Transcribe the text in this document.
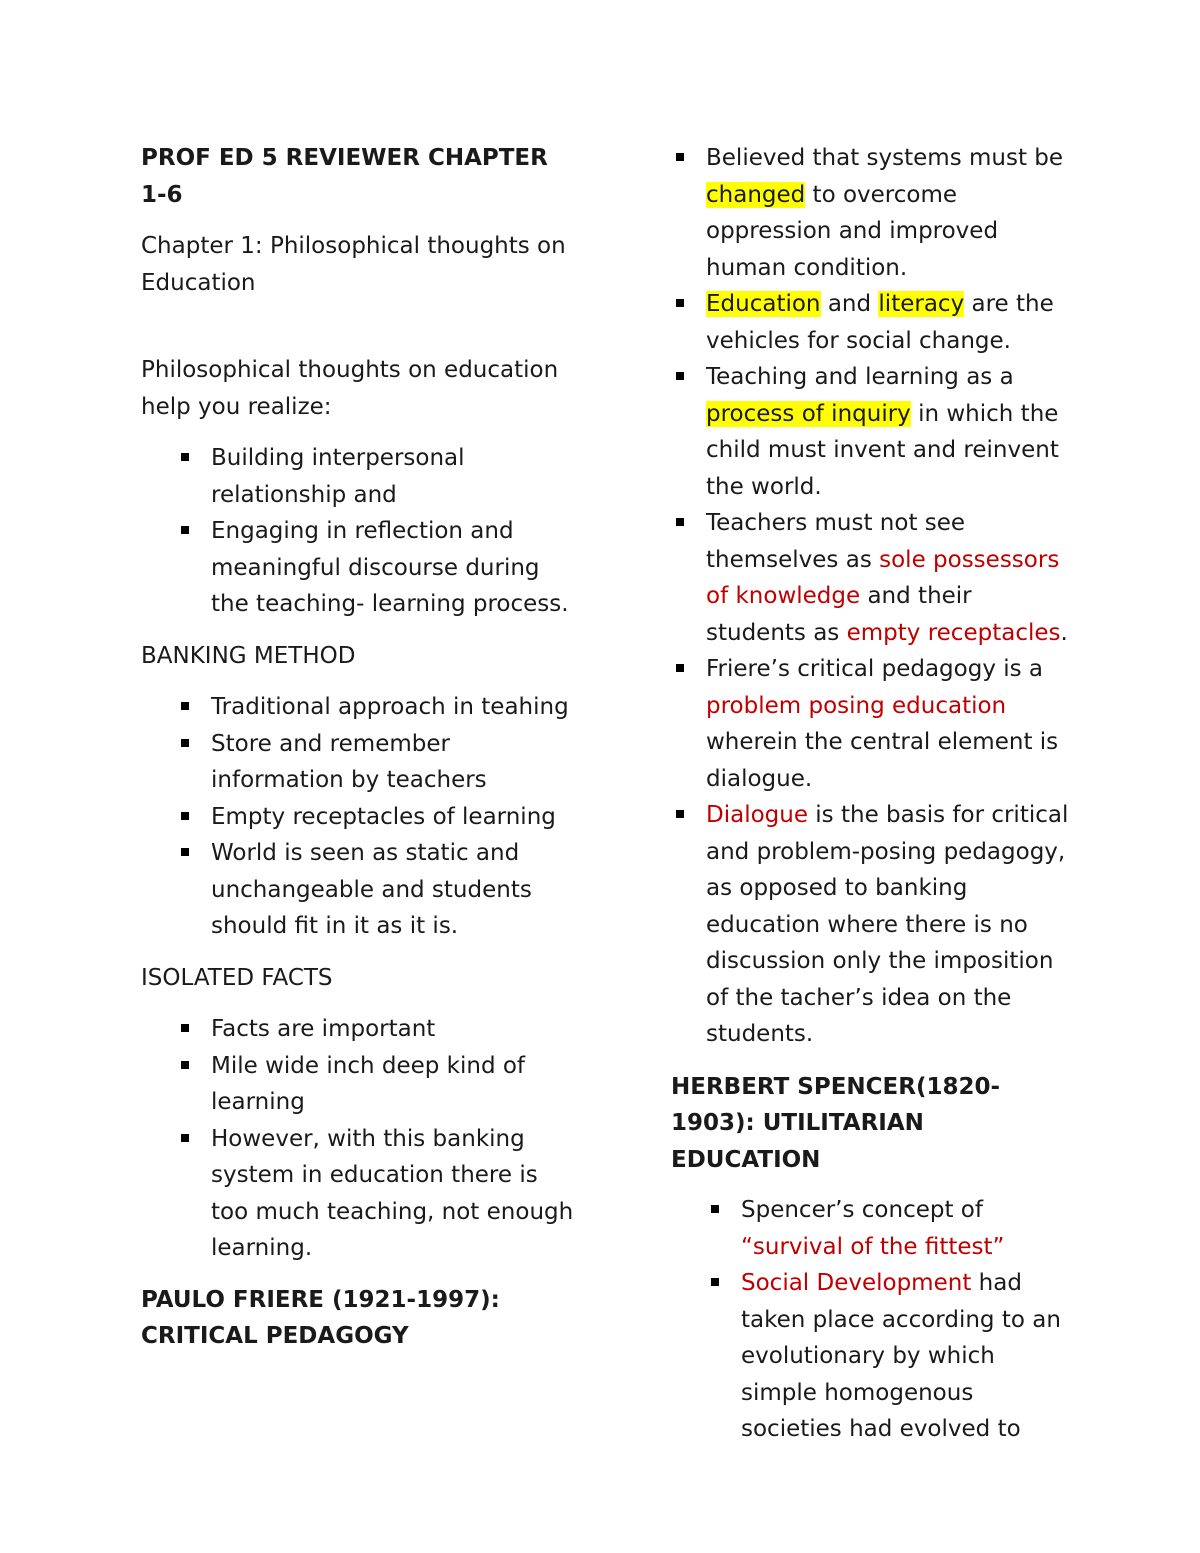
PROF ED 5 REVIEWER CHAPTER 1-6

Chapter 1: Philosophical thoughts on Education

Philosophical thoughts on education help you realize:

Building interpersonal relationship and
Engaging in reflection and meaningful discourse during the teaching- learning process.

BANKING METHOD

Traditional approach in teahing
Store and remember information by teachers
Empty receptacles of learning
World is seen as static and unchangeable and students should fit in it as it is.

ISOLATED FACTS

Facts are important
Mile wide inch deep kind of learning
However, with this banking system in education there is too much teaching, not enough learning.

PAULO FRIERE (1921-1997): CRITICAL PEDAGOGY

Believed that systems must be changed to overcome oppression and improved human condition.
Education and literacy are the vehicles for social change.
Teaching and learning as a process of inquiry in which the child must invent and reinvent the world.
Teachers must not see themselves as sole possessors of knowledge and their students as empty receptacles.
Friere’s critical pedagogy is a problem posing education wherein the central element is dialogue.
Dialogue is the basis for critical and problem-posing pedagogy, as opposed to banking education where there is no discussion only the imposition of the tacher’s idea on the students.

HERBERT SPENCER(1820-1903): UTILITARIAN EDUCATION

Spencer’s concept of “survival of the fittest”
Social Development had taken place according to an evolutionary by which simple homogenous societies had evolved to
